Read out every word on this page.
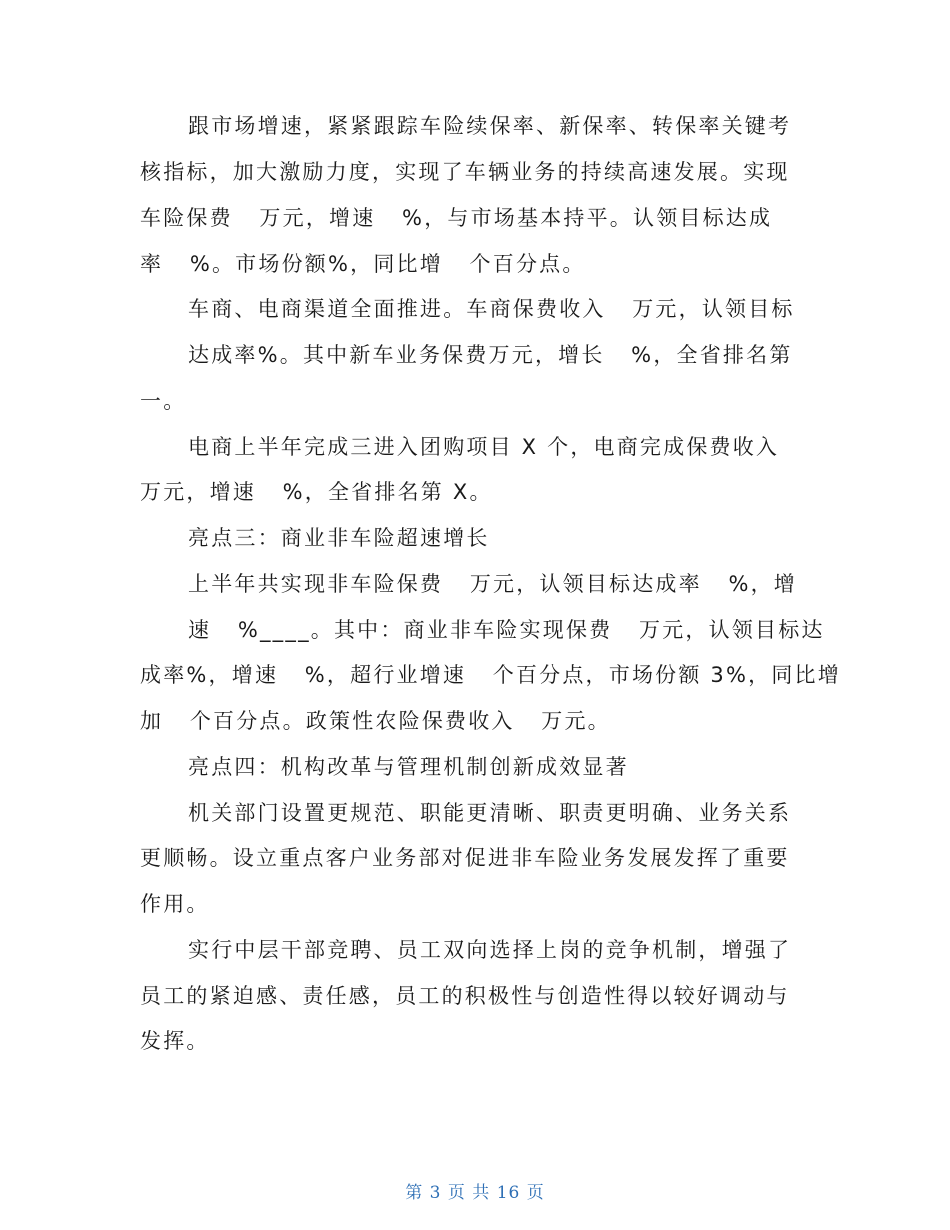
跟市场增速，紧紧跟踪车险续保率、新保率、转保率关键考
核指标，加大激励力度，实现了车辆业务的持续高速发展。实现
车险保费   万元，增速   %，与市场基本持平。认领目标达成
率   %。市场份额%，同比增   个百分点。
车商、电商渠道全面推进。车商保费收入   万元，认领目标
达成率%。其中新车业务保费万元，增长   %，全省排名第
一。
电商上半年完成三进入团购项目 X 个，电商完成保费收入
万元，增速   %，全省排名第 X。
亮点三：商业非车险超速增长
上半年共实现非车险保费   万元，认领目标达成率   %，增
速   %____。其中：商业非车险实现保费   万元，认领目标达
成率%，增速   %，超行业增速   个百分点，市场份额 3%，同比增
加   个百分点。政策性农险保费收入   万元。
亮点四：机构改革与管理机制创新成效显著
机关部门设置更规范、职能更清晰、职责更明确、业务关系
更顺畅。设立重点客户业务部对促进非车险业务发展发挥了重要
作用。
实行中层干部竞聘、员工双向选择上岗的竞争机制，增强了
员工的紧迫感、责任感，员工的积极性与创造性得以较好调动与
发挥。
第 3 页 共 16 页
